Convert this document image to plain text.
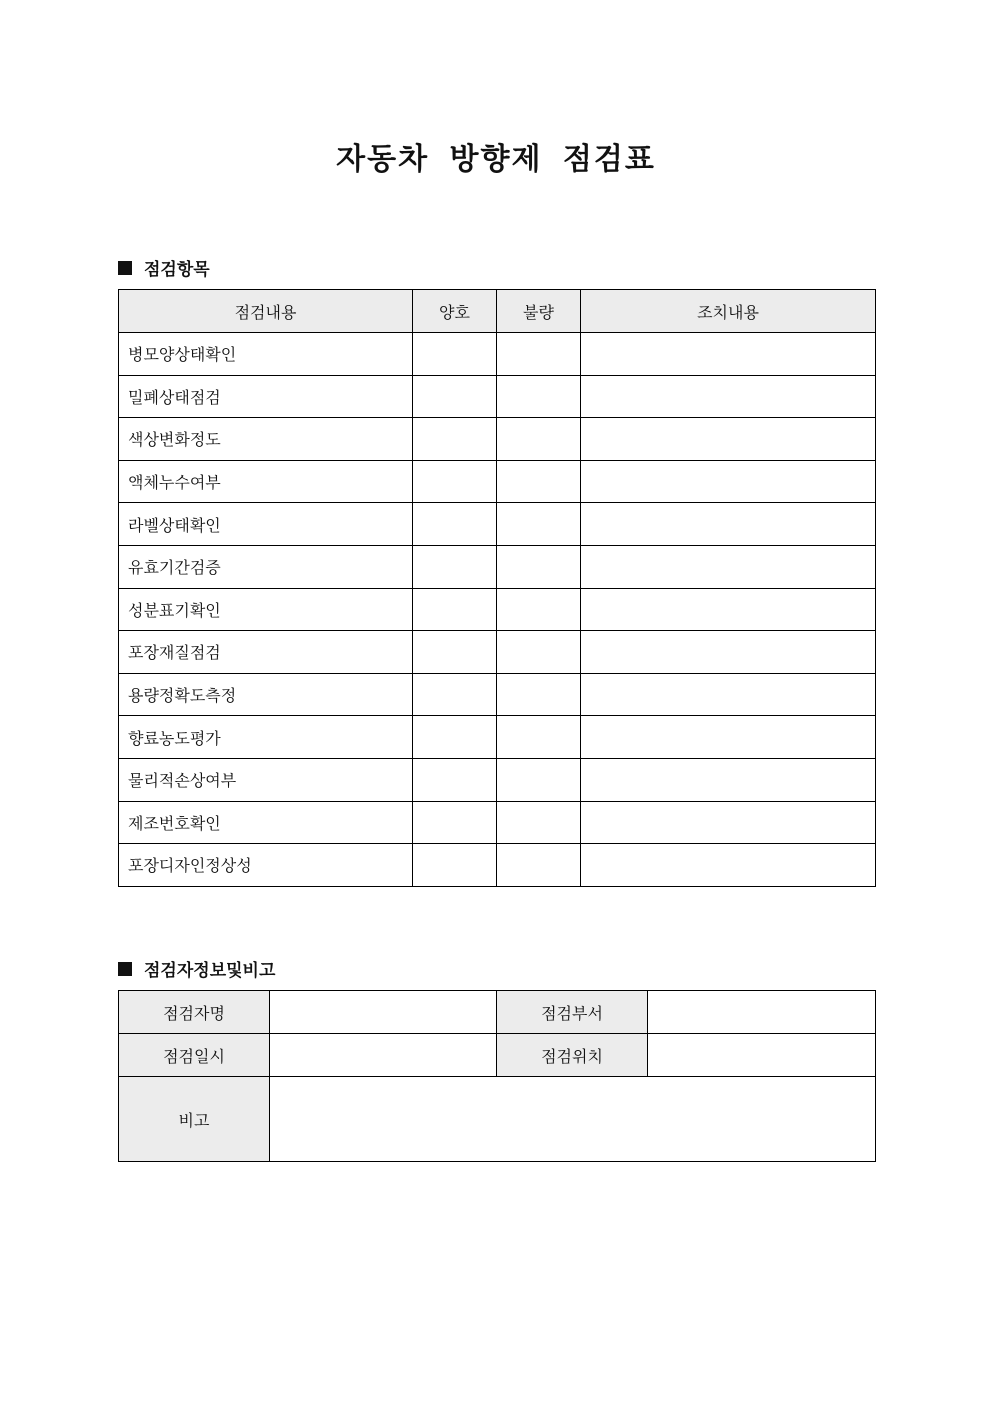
자동차 방향제 점검표
점검항목
점검내용	양호	불량	조치내용
병모양상태확인			
밀폐상태점검			
색상변화정도			
액체누수여부			
라벨상태확인			
유효기간검증			
성분표기확인			
포장재질점검			
용량정확도측정			
향료농도평가			
물리적손상여부			
제조번호확인			
포장디자인정상성			
점검자정보및비고
점검자명		점검부서	
점검일시		점검위치	
비고			
